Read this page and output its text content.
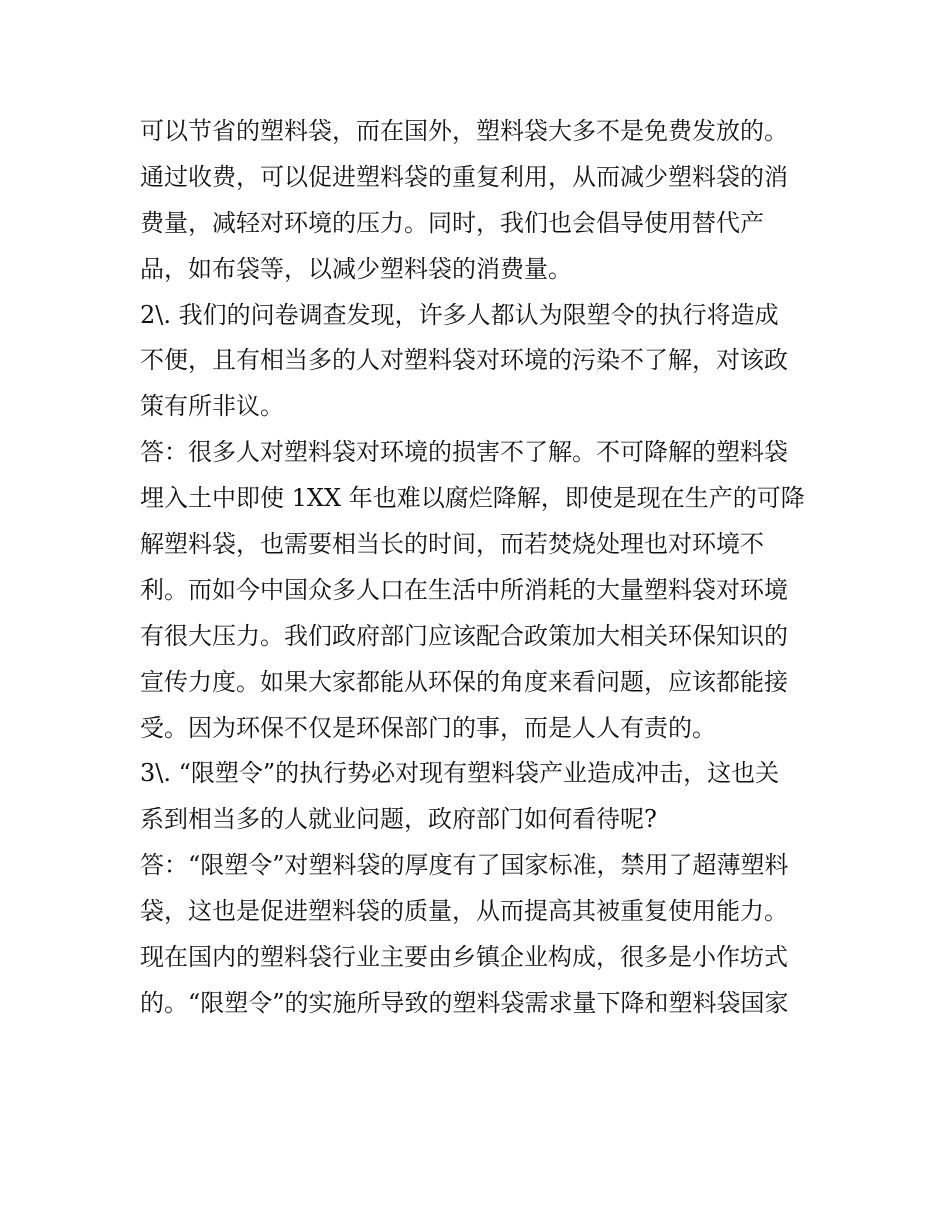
可以节省的塑料袋，而在国外，塑料袋大多不是免费发放的。
通过收费，可以促进塑料袋的重复利用，从而减少塑料袋的消
费量，减轻对环境的压力。同时，我们也会倡导使用替代产
品，如布袋等，以减少塑料袋的消费量。
2\. 我们的问卷调查发现，许多人都认为限塑令的执行将造成
不便，且有相当多的人对塑料袋对环境的污染不了解，对该政
策有所非议。
答：很多人对塑料袋对环境的损害不了解。不可降解的塑料袋
埋入土中即使 1XX 年也难以腐烂降解，即使是现在生产的可降
解塑料袋，也需要相当长的时间，而若焚烧处理也对环境不
利。而如今中国众多人口在生活中所消耗的大量塑料袋对环境
有很大压力。我们政府部门应该配合政策加大相关环保知识的
宣传力度。如果大家都能从环保的角度来看问题，应该都能接
受。因为环保不仅是环保部门的事，而是人人有责的。
3\. “限塑令”的执行势必对现有塑料袋产业造成冲击，这也关
系到相当多的人就业问题，政府部门如何看待呢?
答：“限塑令”对塑料袋的厚度有了国家标准，禁用了超薄塑料
袋，这也是促进塑料袋的质量，从而提高其被重复使用能力。
现在国内的塑料袋行业主要由乡镇企业构成，很多是小作坊式
的。“限塑令”的实施所导致的塑料袋需求量下降和塑料袋国家
